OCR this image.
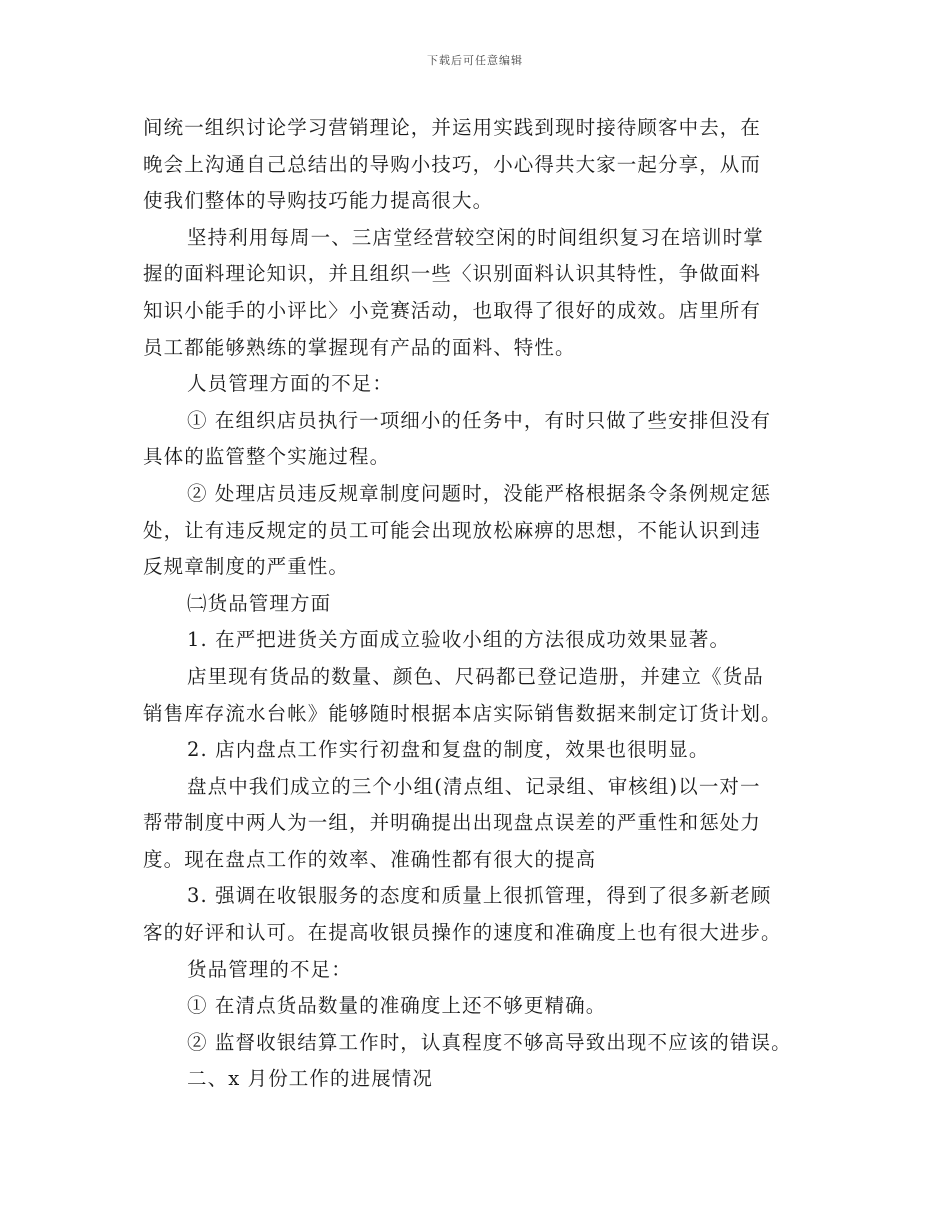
下载后可任意编辑
间统一组织讨论学习营销理论，并运用实践到现时接待顾客中去，在
晚会上沟通自己总结出的导购小技巧，小心得共大家一起分享，从而
使我们整体的导购技巧能力提高很大。
坚持利用每周一、三店堂经营较空闲的时间组织复习在培训时掌
握的面料理论知识，并且组织一些〈识别面料认识其特性，争做面料
知识小能手的小评比〉小竞赛活动，也取得了很好的成效。店里所有
员工都能够熟练的掌握现有产品的面料、特性。
人员管理方面的不足：
① 在组织店员执行一项细小的任务中，有时只做了些安排但没有
具体的监管整个实施过程。
② 处理店员违反规章制度问题时，没能严格根据条令条例规定惩
处，让有违反规定的员工可能会出现放松麻痹的思想，不能认识到违
反规章制度的严重性。
㈡货品管理方面
1. 在严把进货关方面成立验收小组的方法很成功效果显著。
店里现有货品的数量、颜色、尺码都已登记造册，并建立《货品
销售库存流水台帐》能够随时根据本店实际销售数据来制定订货计划。
2. 店内盘点工作实行初盘和复盘的制度，效果也很明显。
盘点中我们成立的三个小组(清点组、记录组、审核组)以一对一
帮带制度中两人为一组，并明确提出出现盘点误差的严重性和惩处力
度。现在盘点工作的效率、准确性都有很大的提高
3. 强调在收银服务的态度和质量上很抓管理，得到了很多新老顾
客的好评和认可。在提高收银员操作的速度和准确度上也有很大进步。
货品管理的不足：
① 在清点货品数量的准确度上还不够更精确。
② 监督收银结算工作时，认真程度不够高导致出现不应该的错误。
二、x 月份工作的进展情况
